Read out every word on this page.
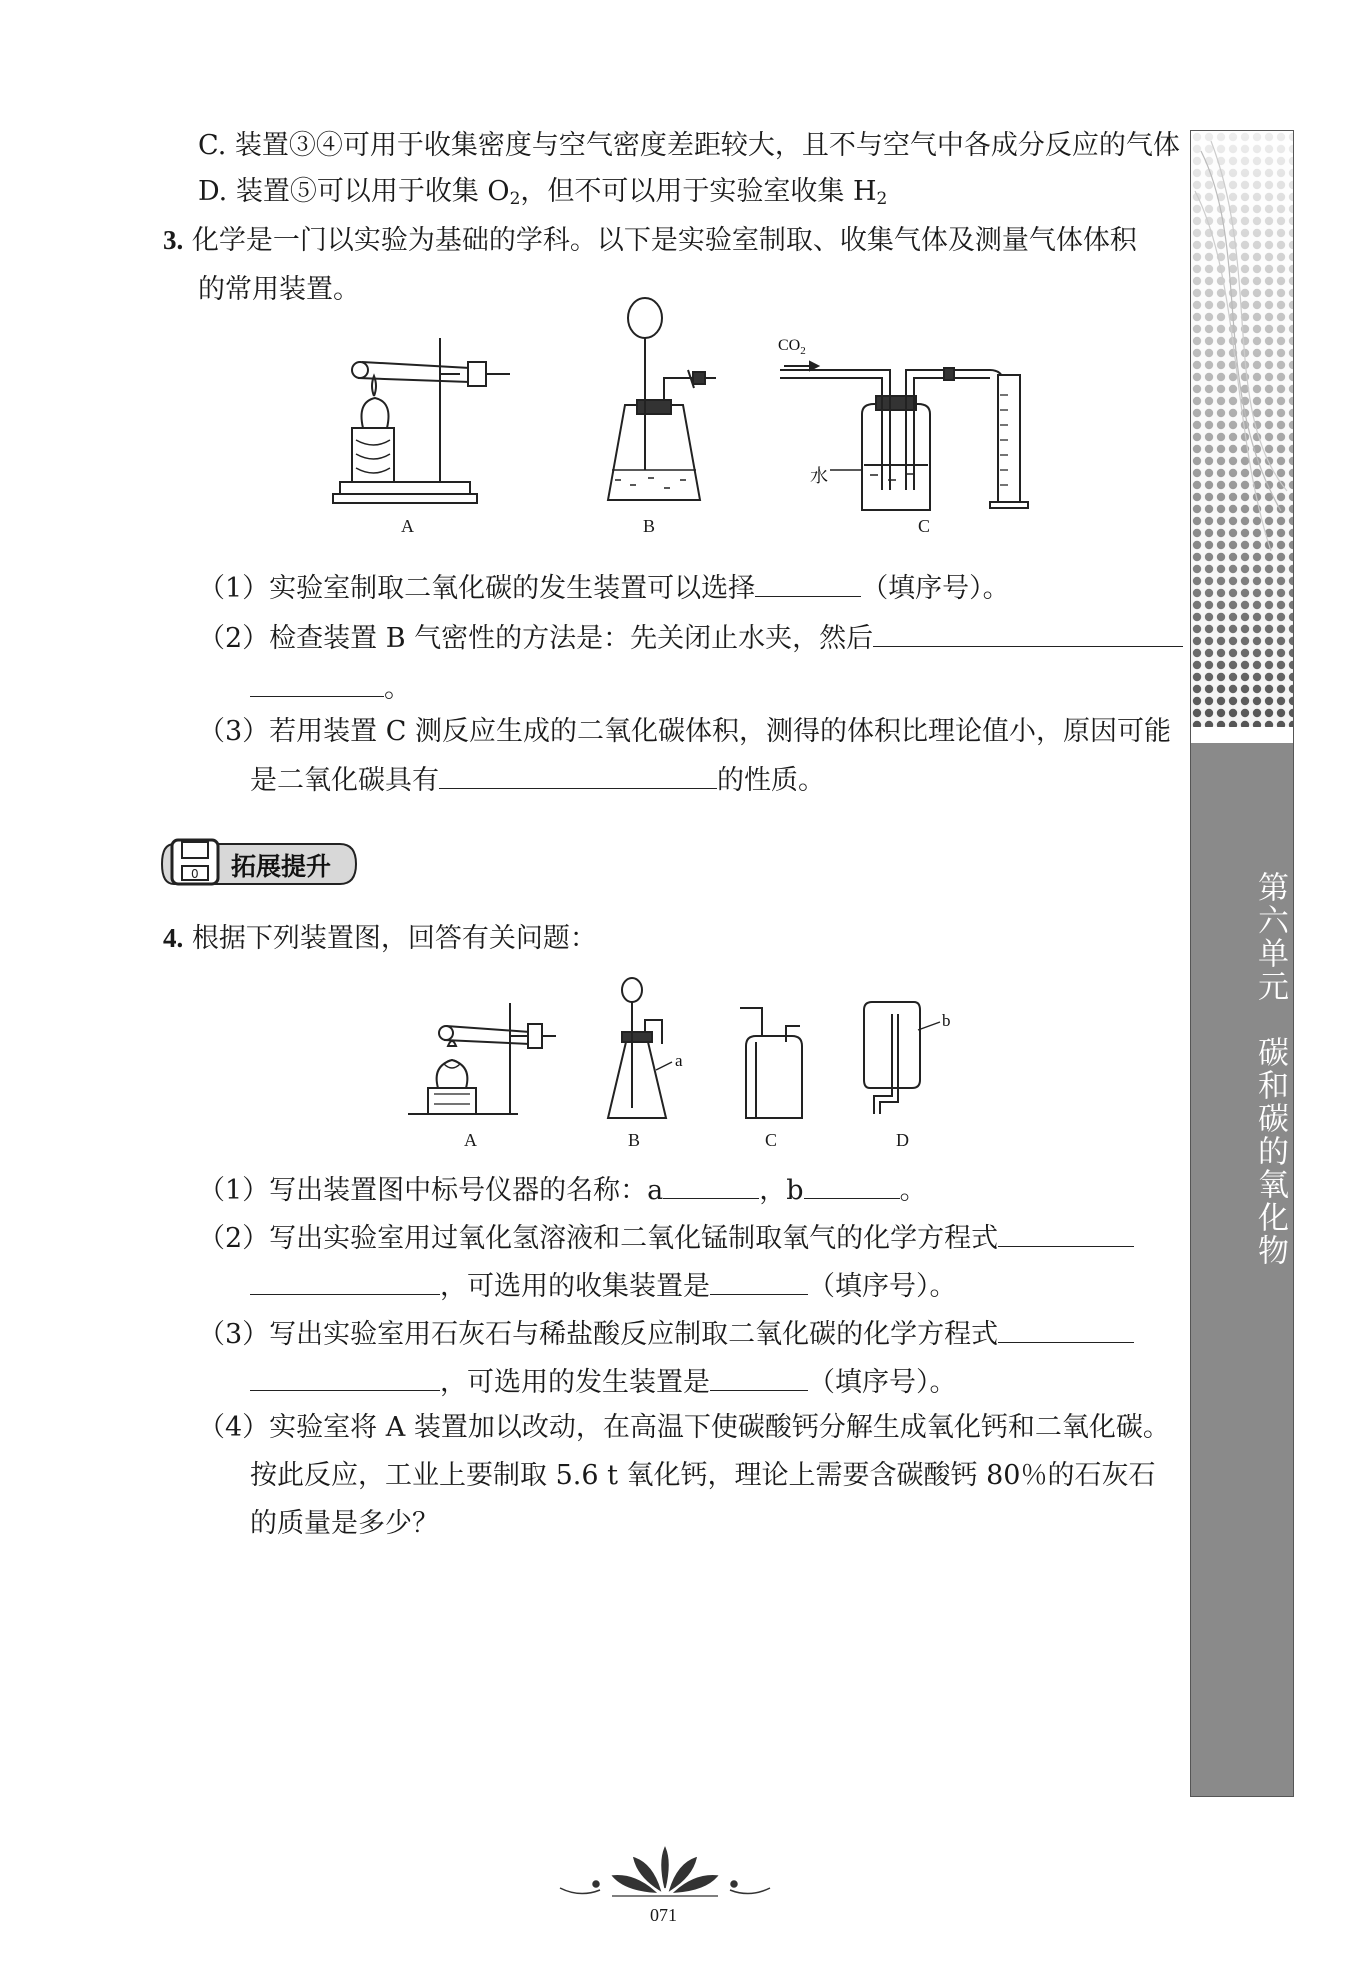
第六单元　碳和碳的氧化物
C. 装置③④可用于收集密度与空气密度差距较大，且不与空气中各成分反应的气体
D. 装置⑤可以用于收集 $O_2$，但不可以用于实验室收集 $H_2$
3. 化学是一门以实验为基础的学科。以下是实验室制取、收集气体及测量气体体积
的常用装置。
$CO_2$
水
A	B	C
（1）实验室制取二氧化碳的发生装置可以选择	（填序号）。
（2）检查装置 B 气密性的方法是：先关闭止水夹，然后
。
（3）若用装置 C 测反应生成的二氧化碳体积，测得的体积比理论值小，原因可能
是二氧化碳具有	的性质。
0 拓展提升
4. 根据下列装置图，回答有关问题：
a
b
A	B	C	D
（1）写出装置图中标号仪器的名称：a	，b	。
（2）写出实验室用过氧化氢溶液和二氧化锰制取氧气的化学方程式
，可选用的收集装置是	（填序号）。
（3）写出实验室用石灰石与稀盐酸反应制取二氧化碳的化学方程式
，可选用的发生装置是	（填序号）。
（4）实验室将 A 装置加以改动，在高温下使碳酸钙分解生成氧化钙和二氧化碳。
按此反应，工业上要制取 5.6 t 氧化钙，理论上需要含碳酸钙 80％的石灰石
的质量是多少？
071
